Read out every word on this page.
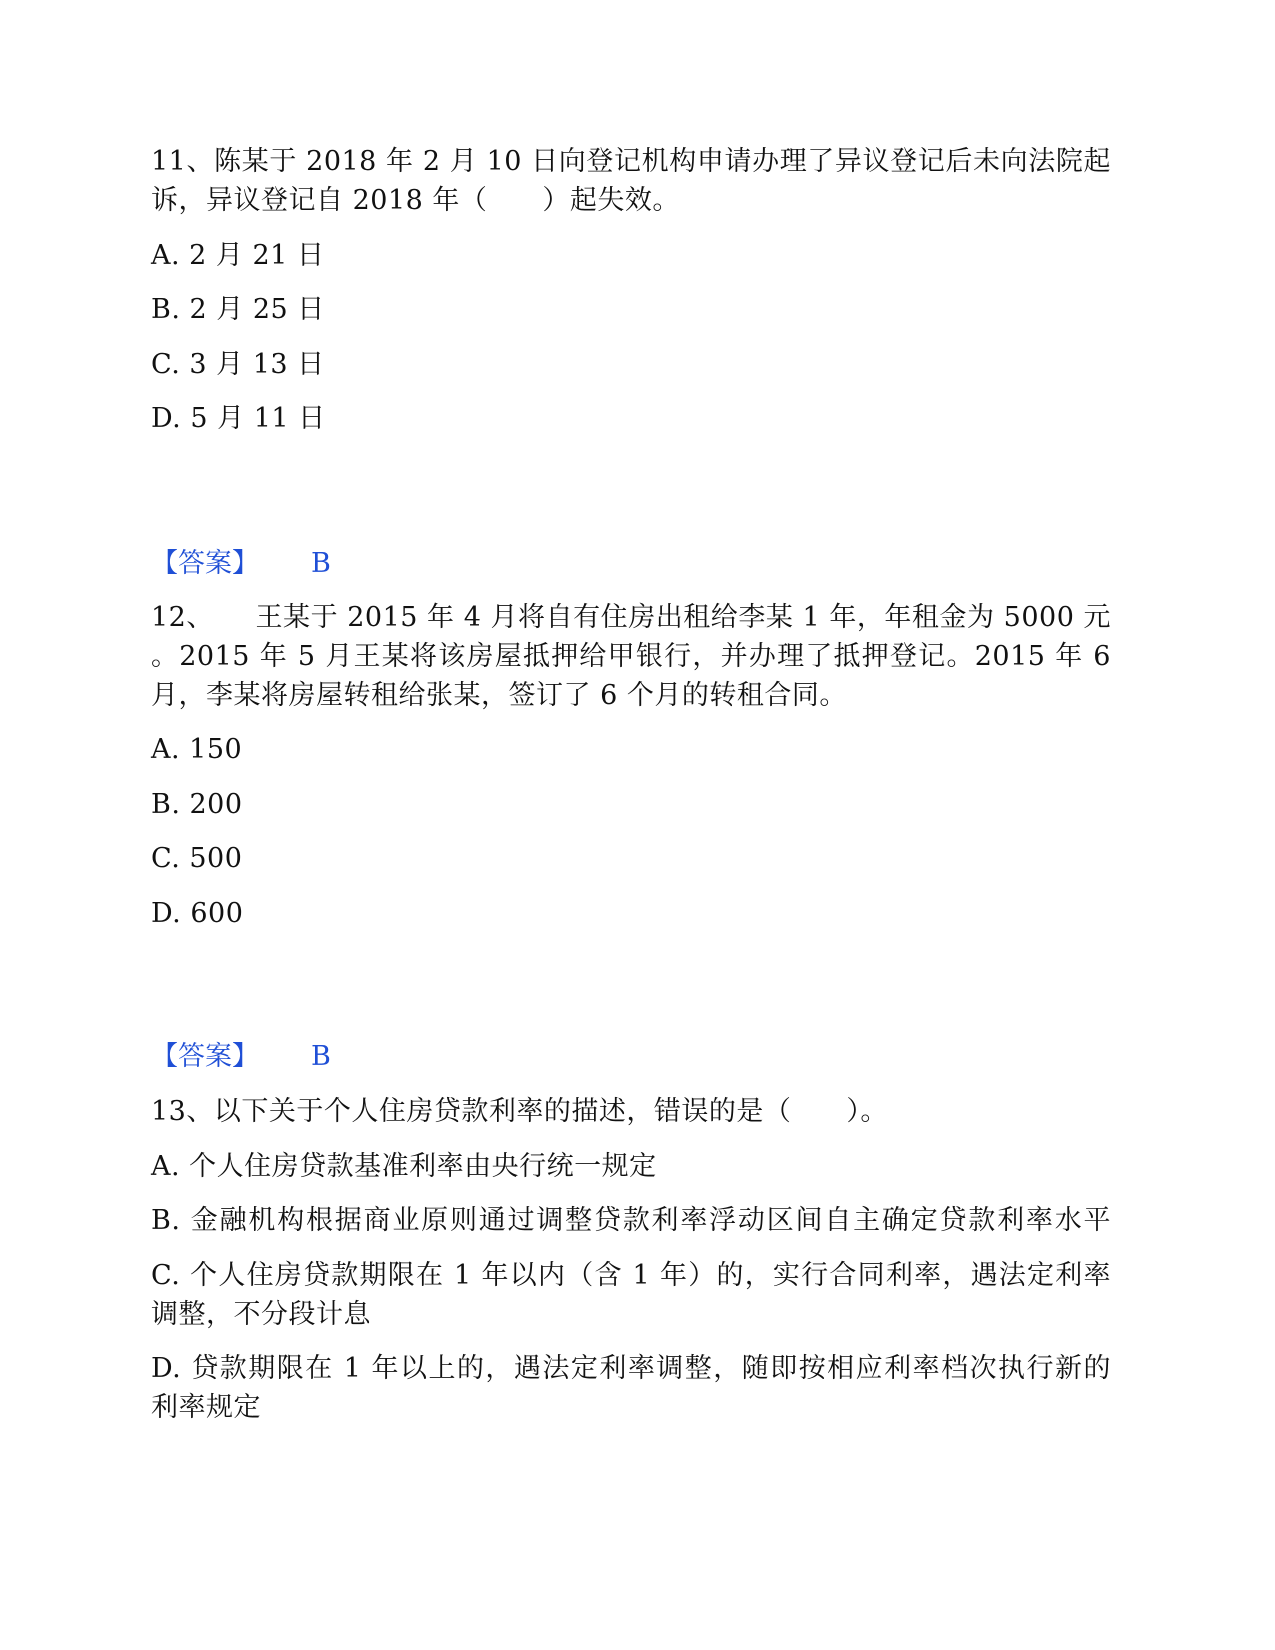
11、陈某于 2018 年 2 月 10 日向登记机构申请办理了异议登记后未向法院起
诉，异议登记自 2018 年（　　）起失效。
A. 2 月 21 日
B. 2 月 25 日
C. 3 月 13 日
D. 5 月 11 日
【答案】 B
12、　　王某于 2015 年 4 月将自有住房出租给李某 1 年，年租金为 5000 元
。2015 年 5 月王某将该房屋抵押给甲银行，并办理了抵押登记。2015 年 6
月，李某将房屋转租给张某，签订了 6 个月的转租合同。
A. 150
B. 200
C. 500
D. 600
【答案】 B
13、以下关于个人住房贷款利率的描述，错误的是（　　）。
A. 个人住房贷款基准利率由央行统一规定
B. 金融机构根据商业原则通过调整贷款利率浮动区间自主确定贷款利率水平
C. 个人住房贷款期限在 1 年以内（含 1 年）的，实行合同利率，遇法定利率
调整，不分段计息
D. 贷款期限在 1 年以上的，遇法定利率调整，随即按相应利率档次执行新的
利率规定
